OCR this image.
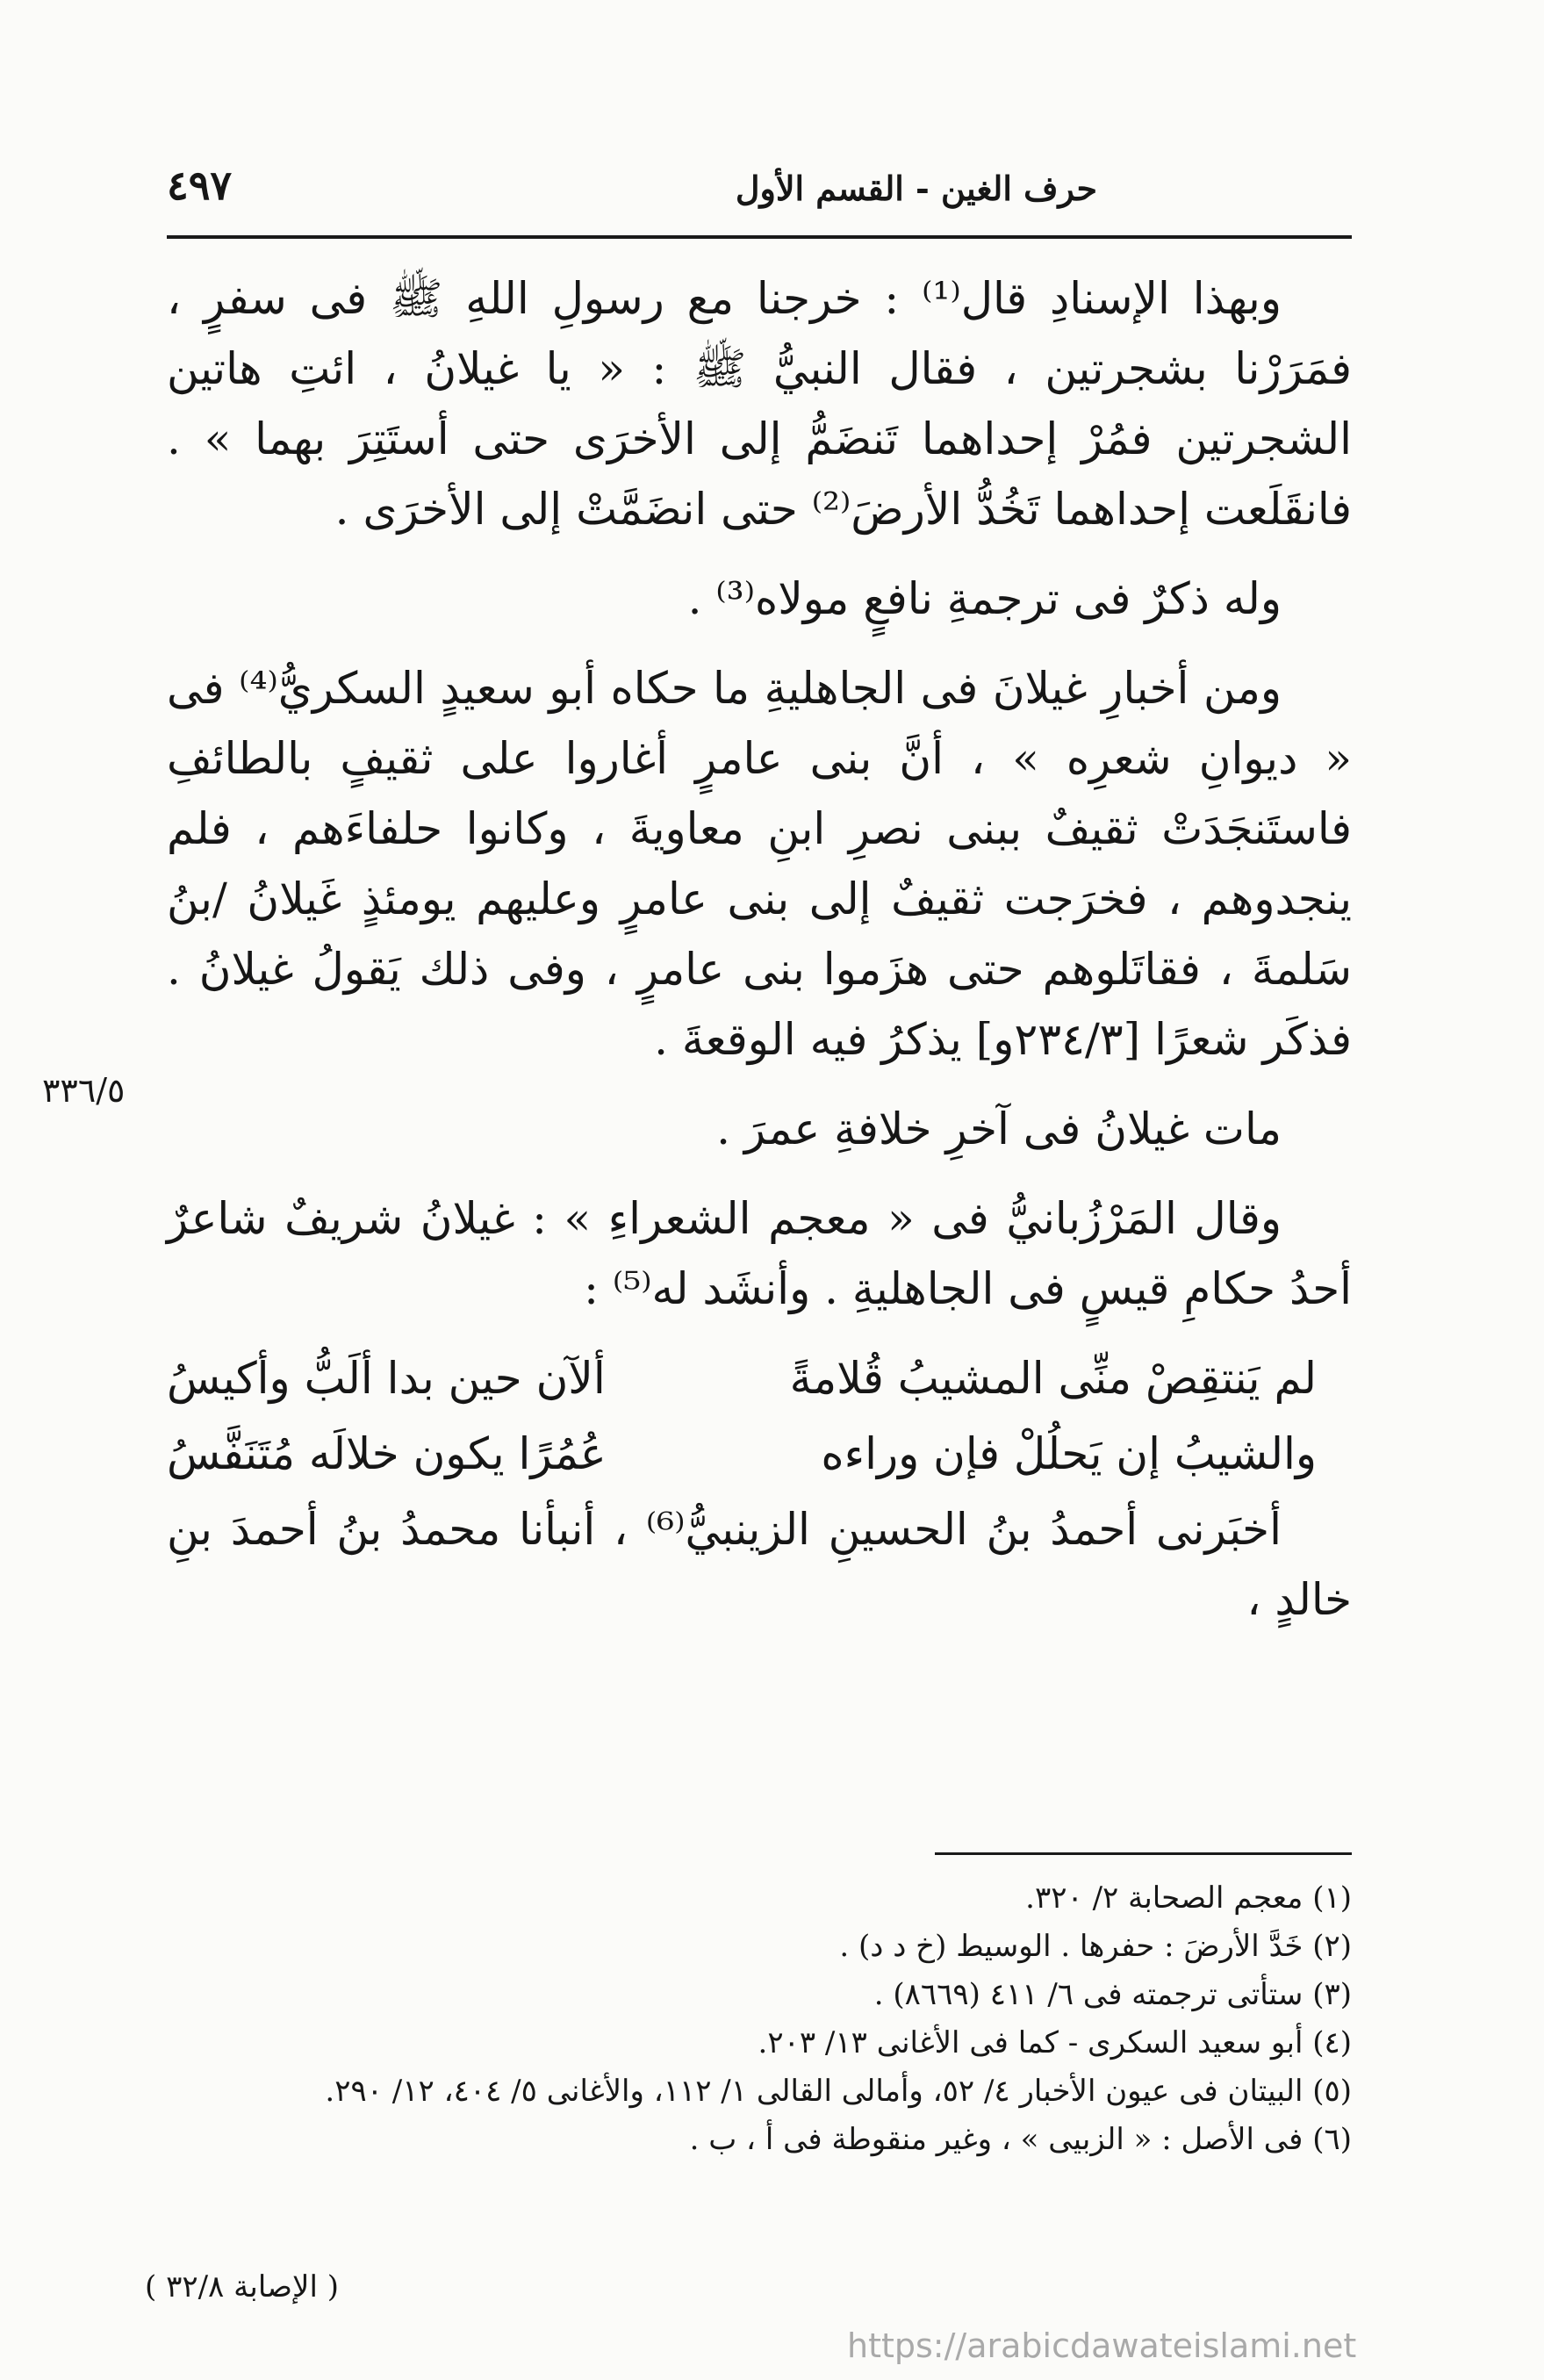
حرف الغين - القسم الأول
٤٩٧

وبهذا الإسنادِ قال⁽¹⁾ : خرجنا مع رسولِ اللهِ ﷺ فى سفرٍ ، فمَرَرْنا بشجرتين ، فقال النبيُّ ﷺ : « يا غيلانُ ، ائتِ هاتين الشجرتين فمُرْ إحداهما تَنضَمُّ إلى الأخرَى حتى أستَتِرَ بهما » . فانقَلَعت إحداهما تَخُدُّ الأرضَ⁽²⁾ حتى انضَمَّتْ إلى الأخرَى .

وله ذكرٌ فى ترجمةِ نافعٍ مولاه⁽³⁾ .

ومن أخبارِ غيلانَ فى الجاهليةِ ما حكاه أبو سعيدٍ السكريُّ⁽⁴⁾ فى « ديوانِ شعرِه » ، أنَّ بنى عامرٍ أغاروا على ثقيفٍ بالطائفِ فاستَنجَدَتْ ثقيفٌ ببنى نصرِ ابنِ معاويةَ ، وكانوا حلفاءَهم ، فلم ينجدوهم ، فخرَجت ثقيفٌ إلى بنى عامرٍ وعليهم يومئذٍ غَيلانُ /بنُ سَلمةَ ، فقاتَلوهم حتى هزَموا بنى عامرٍ ، وفى ذلك يَقولُ غيلانُ . فذكَر شعرًا [٢٣٤/٣و] يذكرُ فيه الوقعةَ .

مات غيلانُ فى آخرِ خلافةِ عمرَ .

وقال المَرْزُبانيُّ فى « معجم الشعراءِ » : غيلانُ شريفٌ شاعرٌ أحدُ حكامِ قيسٍ فى الجاهليةِ . وأنشَد له⁽⁵⁾ :

لم يَنتقِصْ منِّى المشيبُ قُلامةً
ألآن حين بدا ألَبُّ وأكيسُ
والشيبُ إن يَحلُلْ فإن وراءه
عُمُرًا يكون خلالَه مُتَنَفَّسُ

أخبَرنى أحمدُ بنُ الحسينِ الزينبيُّ⁽⁶⁾ ، أنبأنا محمدُ بنُ أحمدَ بنِ خالدٍ ،

٣٣٦/٥

(١) معجم الصحابة ٢/ ٣٢٠.

(٢) خَدَّ الأرضَ : حفرها . الوسيط (خ د د) .

(٣) ستأتى ترجمته فى ٦/ ٤١١ (٨٦٦٩) .

(٤) أبو سعيد السكرى - كما فى الأغانى ١٣/ ٢٠٣.

(٥) البيتان فى عيون الأخبار ٤/ ٥٢، وأمالى القالى ١/ ١١٢، والأغانى ٥/ ٤٠٤، ١٢/ ٢٩٠.

(٦) فى الأصل : « الزبيى » ، وغير منقوطة فى أ ، ب .

( الإصابة ٣٢/٨ )
https://arabicdawateislami.net
